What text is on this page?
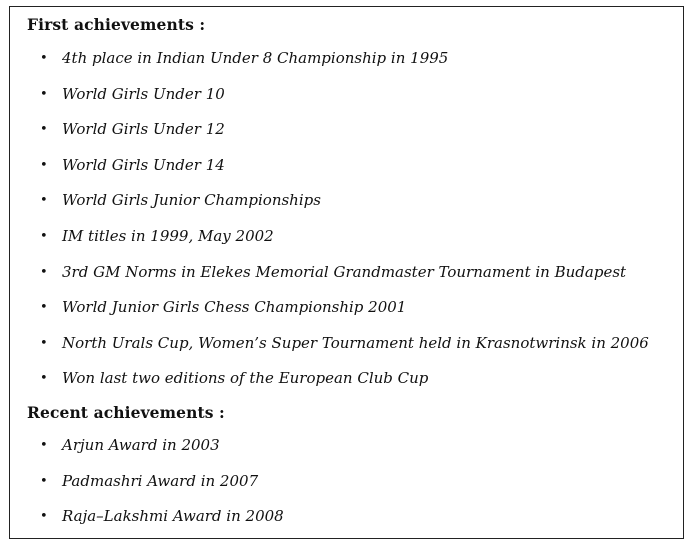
First achievements :
• 4th place in Indian Under 8 Championship in 1995
• World Girls Under 10
• World Girls Under 12
• World Girls Under 14
• World Girls Junior Championships
• IM titles in 1999, May 2002
• 3rd GM Norms in Elekes Memorial Grandmaster Tournament in Budapest
• World Junior Girls Chess Championship 2001
• North Urals Cup, Women’s Super Tournament held in Krasnotwrinsk in 2006
• Won last two editions of the European Club Cup
Recent achievements :
• Arjun Award in 2003
• Padmashri Award in 2007
• Raja–Lakshmi Award in 2008
